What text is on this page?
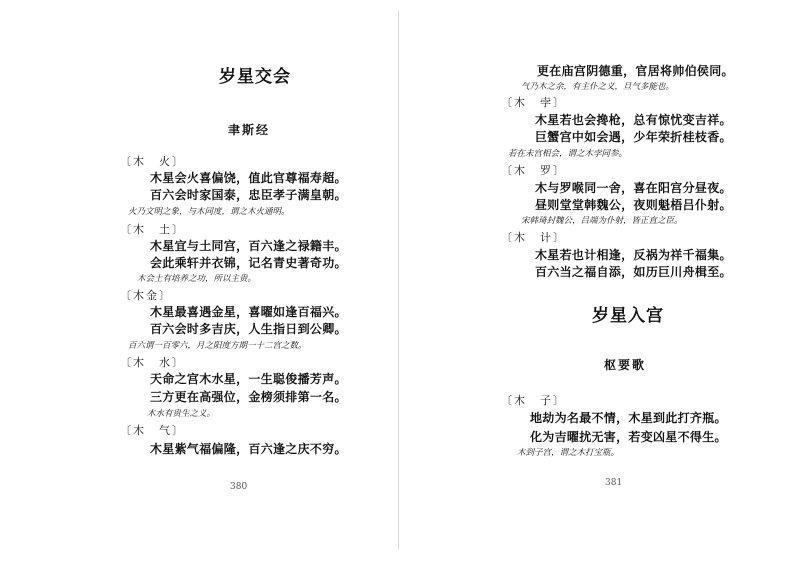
岁星交会
聿斯经
〔木　火〕
木星会火喜偏饶，值此官尊福寿超。
百六会时家国泰，忠臣孝子满皇朝。
火乃文明之象，与木同度，谓之木火通明。
〔木　土〕
木星宜与土同宫，百六逢之禄籍丰。
会此乘轩并衣锦，记名青史著奇功。
木会土有培养之功，所以主贵。
〔木金〕
木星最喜遇金星，喜曜如逢百福兴。
百六会时多吉庆，人生指日到公卿。
百六谓一百零六，月之阳度方期一十二宫之数。
〔木　水〕
天命之宫木水星，一生聪俊播芳声。
三方更在高强位，金榜须排第一名。
木水有贵生之义。
〔木　气〕
木星紫气福偏隆，百六逢之庆不穷。
380
更在庙宫阴德重，官居将帅伯侯同。
气乃木之余，有主仆之义，旦气多能也。
〔木　孛〕
木星若也会搀枪，总有惊忧变吉祥。
巨蟹宫中如会遇，少年荣折桂枝香。
若在未宫相会，谓之木孛同参。
〔木　罗〕
木与罗喉同一舍，喜在阳宫分昼夜。
昼则堂堂韩魏公，夜则魁梧吕仆射。
宋韩琦封魏公，吕端为仆射，皆正直之臣。
〔木　计〕
木星若也计相逢，反祸为祥千福集。
百六当之福自添，如历巨川舟楫至。
岁星入宫
枢要歌
〔木　子〕
地劫为名最不情，木星到此打齐瓶。
化为吉曜扰无害，若变凶星不得生。
木到子宫，谓之木打宝瓶。
381
